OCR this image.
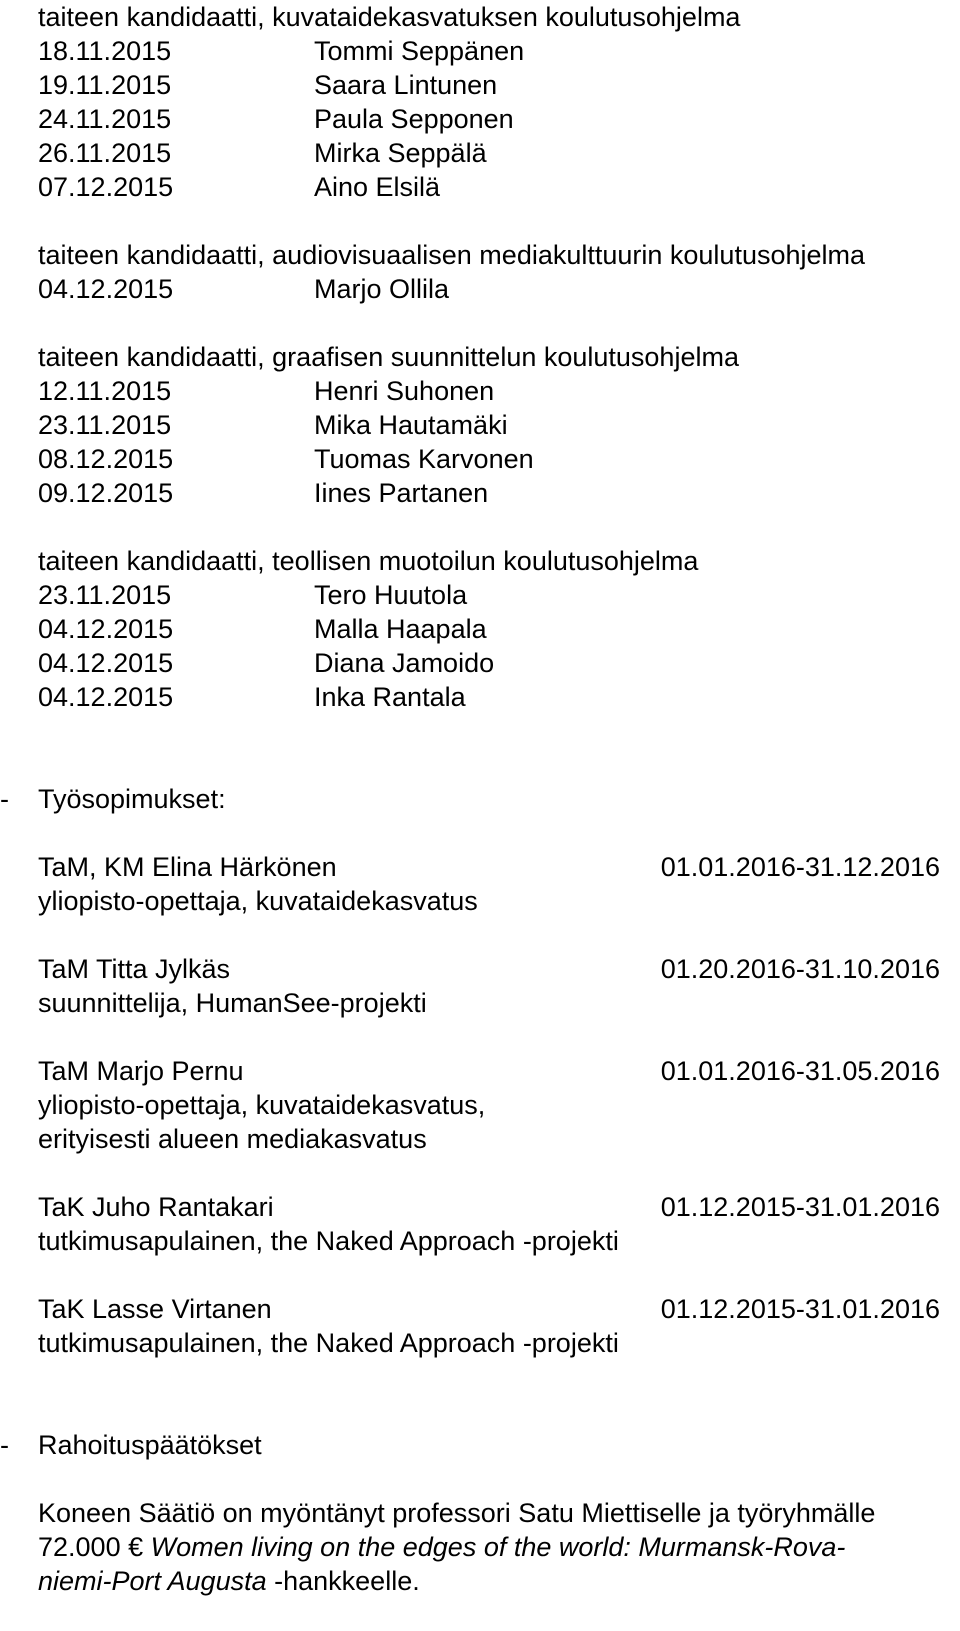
taiteen kandidaatti, kuvataidekasvatuksen koulutusohjelma
18.11.2015	Tommi Seppänen
19.11.2015	Saara Lintunen
24.11.2015	Paula Sepponen
26.11.2015	Mirka Seppälä
07.12.2015	Aino Elsilä
taiteen kandidaatti, audiovisuaalisen mediakulttuurin koulutusohjelma
04.12.2015	Marjo Ollila
taiteen kandidaatti, graafisen suunnittelun koulutusohjelma
12.11.2015	Henri Suhonen
23.11.2015	Mika Hautamäki
08.12.2015	Tuomas Karvonen
09.12.2015	Iines Partanen
taiteen kandidaatti, teollisen muotoilun koulutusohjelma
23.11.2015	Tero Huutola
04.12.2015	Malla Haapala
04.12.2015	Diana Jamoido
04.12.2015	Inka Rantala
- Työsopimukset:
TaM, KM Elina Härkönen	01.01.2016-31.12.2016
yliopisto-opettaja, kuvataidekasvatus
TaM Titta Jylkäs	01.20.2016-31.10.2016
suunnittelija, HumanSee-projekti
TaM Marjo Pernu	01.01.2016-31.05.2016
yliopisto-opettaja, kuvataidekasvatus,
erityisesti alueen mediakasvatus
TaK Juho Rantakari	01.12.2015-31.01.2016
tutkimusapulainen, the Naked Approach -projekti
TaK Lasse Virtanen	01.12.2015-31.01.2016
tutkimusapulainen, the Naked Approach -projekti
- Rahoituspäätökset
Koneen Säätiö on myöntänyt professori Satu Miettiselle ja työryhmälle
72.000 € Women living on the edges of the world: Murmansk-Rova-
niemi-Port Augusta -hankkeelle.
